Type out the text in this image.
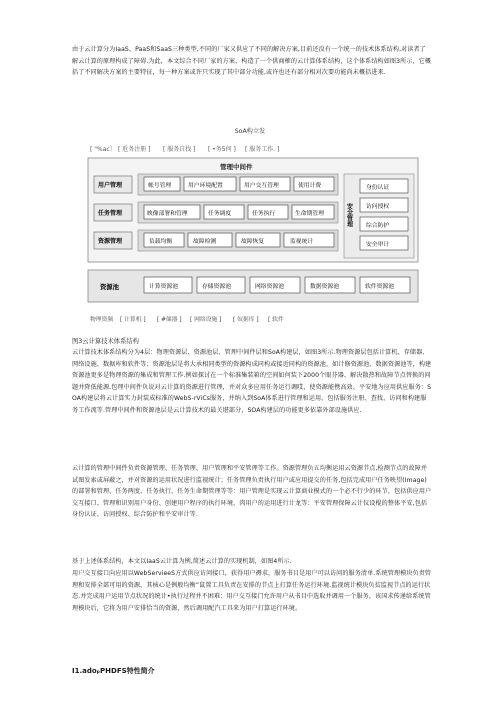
由于云计算分为IaaS、PaaS和SaaS三种类型,不同的厂家又供应了不同的解决方案,目前还没有一个统一的技术体系结构,对读者了解云计算的原理构成了障碍.为此，本文综合不同厂家的方案，构造了一个供商榷的云计算体系结构，这个体系结构如图3所示，它概括了不同解决方案的主要特征，每一种方案或许只实现了其中部分功能,或许也还有部分相对次要功能尚未概括进来.

SoA构立发
[ "%ac〕 [ 卮务注册 ] [ 服务自找 ] [ •务5何 ] [ 服务工作. ]
管理中间件
用户管理	帐号管理	用户环境配置	用户交互管理	使用计费
任务管理	映像部署和管理	任务调度	任务执行	生命期管理
资源管理	负载均衡	故障检测	故障恢复	监视统计
安全管理
身份认证
访问授权
综合防护
安全审计
资源池	计算资源池	存储资源池	网络资源池	数据资源池	软件资源池
物理资频 [ 计算机 ] [ #储器 ] [ 网络设施 ] [ 奴据库 ] [ 软件
图3云计算技术体系结构

云计算技术体系结构分为4层：物理资源层、资源池层、管理中间件层和SoA构建层，如图3所示.物理资源层包括计算机、存储器、网络设施、数据库和软件等；资源池层是将大承相同类型的资源构成同构或接近同构的资源池，如计修资源池、数据资源池等，构建资源池更多是物理资源的集成和管理工作.例如探讨在一个标准集装箱的空间如何装下2000个眼芬器、解决散热和故障节点替换的问题并降低能源.包理中间件负说对云计算的资源进行管理，并对众多应用任务运行调哎，使资源能携高效、平安地为应用供应服务：SOA构建层将云计算实力封装成标准的WebS-rViCs服务，并纳入到SoA体系进行管理和运用，包括服务注册、查找、访问和构建服务工作流等.管理中间件和资源池层是云计算技术的最关堪部分，SOA构建层的功能更多依靠外部设施供应.

云计算的管理中间件负责资源管理、任务管理、用户管理和平安管理等工作。资源管理负五均衡运用云资源节点,检测节点的故障并试图发索或屏蔽之，并对资源的运用状况进行监视统计；任务管理负责执行用户或应用提交的任务,包括完成用户任务映望(Image)的部署和管理、任务两度、任务执行、任务生命期管理等等：用户管理是实现云计算商业模式的一个必不行少的环节，包括供应用户交互接口、管理和识别用户身份、创建用户程序的执行环境、肉用户的运用进行计龙等：平安管理保障云计仪设棍的整体平安,包括身份认证、访问授权、综合防护和平安审计等.

基于上述体系结构，本文以IaaS云计算为例,简述云计算的实现机制，如图4所示.

用户交互接口向应用以WebServieeS方式供应访问接口，获得用户褥求，服务书目是用户可以访问的服务清单.系统管理模块负责管理和安排全部可用的资源，其核心是例般均衡”鼠置工具负责在安排的节点上打算任务运行环境.监视统计模块负贫监视节点的运行状态.并完成用户运用节点状况的统计•执行过程并不困难：用户交互接门允许用户从书目中选取并调用一个服务，该国求传递给系统管理模块后，它将为用户安排恰当的资源，然后调用配汽工具来为用户打算运行环境。

I1.adoₚPHDFS特性简介
